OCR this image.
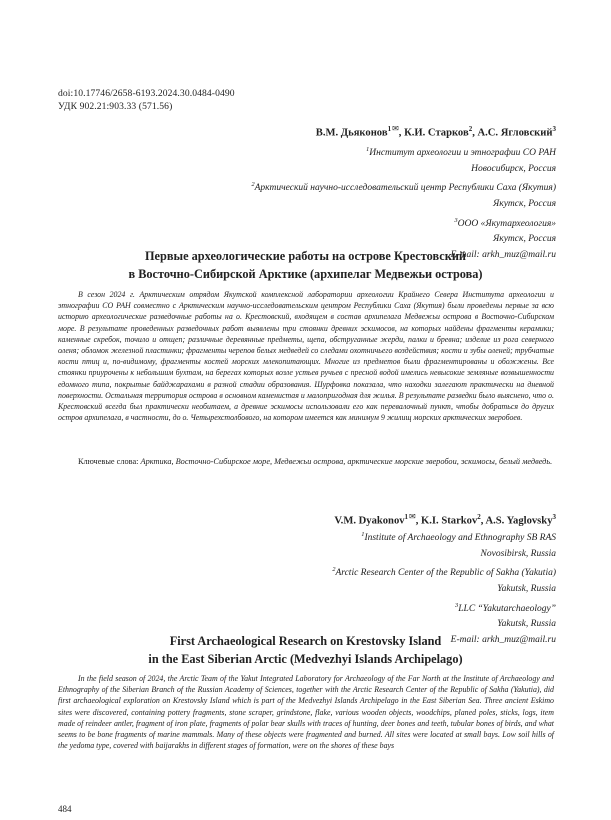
doi:10.17746/2658-6193.2024.30.0484-0490
УДК 902.21:903.33 (571.56)
В.М. Дьяконов$^{1✉}$, К.И. Старков$^2$, А.С. Ягловский$^3$
$^1$Институт археологии и этнографии СО РАН
Новосибирск, Россия
$^2$Арктический научно-исследовательский центр Республики Саха (Якутия)
Якутск, Россия
$^3$ООО «Якутархеология»
Якутск, Россия
E-mail: arkh_muz@mail.ru
Первые археологические работы на острове Крестовский
в Восточно-Сибирской Арктике (архипелаг Медвежьи острова)
В сезон 2024 г. Арктическим отрядом Якутской комплексной лаборатории археологии Крайнего Севера Института археологии и этнографии СО РАН совместно с Арктическим научно-исследовательским центром Республики Саха (Якутия) были проведены первые за всю историю археологические разведочные работы на о. Крестовский, входящем в состав архипелага Медвежьи острова в Восточно-Сибирском море. В результате проведенных разведочных работ выявлены три стоянки древних эскимосов, на которых найдены фрагменты керамики; каменные скребок, точило и отщеп; различные деревянные предметы, щепа, обструганные жерди, палки и бревна; изделие из рога северного оленя; обломок железной пластинки; фрагменты черепов белых медведей со следами охотничьего воздействия; кости и зубы оленей; трубчатые кости птиц и, по-видимому, фрагменты костей морских млекопитающих. Многие из предметов были фрагментированы и обожжены. Все стоянки приурочены к небольшим бухтам, на берегах которых возле устьев ручьев с пресной водой имелись невысокие земляные возвышенности едомного типа, покрытые байджарахами в разной стадии образования. Шурфовка показала, что находки залегают практически на дневной поверхности. Остальная территория острова в основном каменистая и малопригодная для жилья. В результате разведки было выяснено, что о. Крестовский всегда был практически необитаем, а древние эскимосы использовали его как перевалочный пункт, чтобы добраться до других остров архипелага, в частности, до о. Четырехстолбового, на котором имеется как минимум 9 жилищ морских арктических зверобоев.
Ключевые слова: Арктика, Восточно-Сибирское море, Медвежьи острова, арктические морские зверобои, эскимосы, белый медведь.
V.M. Dyakonov$^{1✉}$, K.I. Starkov$^2$, A.S. Yaglovsky$^3$
$^1$Institute of Archaeology and Ethnography SB RAS
Novosibirsk, Russia
$^2$Arctic Research Center of the Republic of Sakha (Yakutia)
Yakutsk, Russia
$^3$LLC “Yakutarchaeology”
Yakutsk, Russia
E-mail: arkh_muz@mail.ru
First Archaeological Research on Krestovsky Island
in the East Siberian Arctic (Medvezhyi Islands Archipelago)
In the field season of 2024, the Arctic Team of the Yakut Integrated Laboratory for Archaeology of the Far North at the Institute of Archaeology and Ethnography of the Siberian Branch of the Russian Academy of Sciences, together with the Arctic Research Center of the Republic of Sakha (Yakutia), did first archaeological exploration on Krestovsky Island which is part of the Medvezhyi Islands Archipelago in the East Siberian Sea. Three ancient Eskimo sites were discovered, containing pottery fragments, stone scraper, grindstone, flake, various wooden objects, woodchips, planed poles, sticks, logs, item made of reindeer antler, fragment of iron plate, fragments of polar bear skulls with traces of hunting, deer bones and teeth, tubular bones of birds, and what seems to be bone fragments of marine mammals. Many of these objects were fragmented and burned. All sites were located at small bays. Low soil hills of the yedoma type, covered with baijarakhs in different stages of formation, were on the shores of these bays
484
